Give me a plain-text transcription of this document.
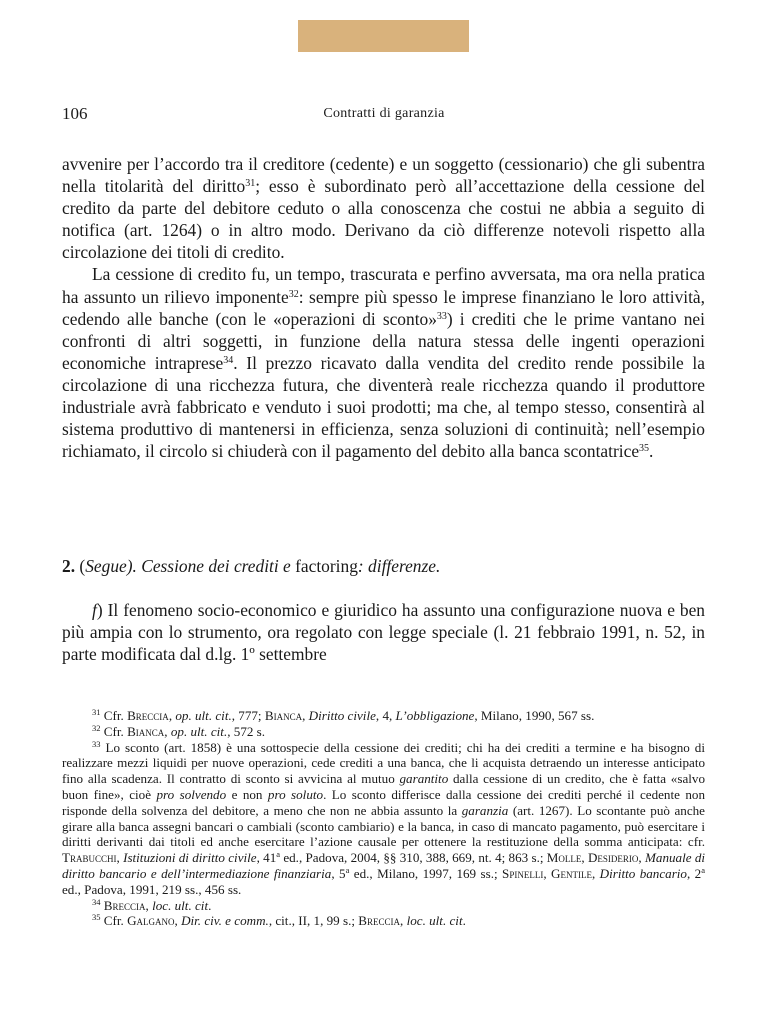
106	Contratti di garanzia

avvenire per l’accordo tra il creditore (cedente) e un soggetto (cessionario) che gli subentra nella titolarità del diritto$^{31}$; esso è subordinato però all’accettazione della cessione del credito da parte del debitore ceduto o alla conoscenza che costui ne abbia a seguito di notifica (art. 1264) o in altro modo. Derivano da ciò differenze notevoli rispetto alla circolazione dei titoli di credito.

La cessione di credito fu, un tempo, trascurata e perfino avversata, ma ora nella pratica ha assunto un rilievo imponente$^{32}$: sempre più spesso le imprese finanziano le loro attività, cedendo alle banche (con le «operazioni di sconto»$^{33}$) i crediti che le prime vantano nei confronti di altri soggetti, in funzione della natura stessa delle ingenti operazioni economiche intraprese$^{34}$. Il prezzo ricavato dalla vendita del credito rende possibile la circolazione di una ricchezza futura, che diventerà reale ricchezza quando il produttore industriale avrà fabbricato e venduto i suoi prodotti; ma che, al tempo stesso, consentirà al sistema produttivo di mantenersi in efficienza, senza soluzioni di continuità; nell’esempio richiamato, il circolo si chiuderà con il pagamento del debito alla banca scontatrice$^{35}$.

2. (Segue). Cessione dei crediti e factoring: differenze.

f) Il fenomeno socio-economico e giuridico ha assunto una configurazione nuova e ben più ampia con lo strumento, ora regolato con legge speciale (l. 21 febbraio 1991, n. 52, in parte modificata dal d.lg. 1º settembre

$^{31}$ Cfr. Breccia, op. ult. cit., 777; Bianca, Diritto civile, 4, L’obbligazione, Milano, 1990, 567 ss.

$^{32}$ Cfr. Bianca, op. ult. cit., 572 s.

$^{33}$ Lo sconto (art. 1858) è una sottospecie della cessione dei crediti; chi ha dei crediti a termine e ha bisogno di realizzare mezzi liquidi per nuove operazioni, cede crediti a una banca, che li acquista detraendo un interesse anticipato fino alla scadenza. Il contratto di sconto si avvicina al mutuo garantito dalla cessione di un credito, che è fatta «salvo buon fine», cioè pro solvendo e non pro soluto. Lo sconto differisce dalla cessione dei crediti perché il cedente non risponde della solvenza del debitore, a meno che non ne abbia assunto la garanzia (art. 1267). Lo scontante può anche girare alla banca assegni bancari o cambiali (sconto cambiario) e la banca, in caso di mancato pagamento, può esercitare i diritti derivanti dai titoli ed anche esercitare l’azione causale per ottenere la restituzione della somma anticipata: cfr. Trabucchi, Istituzioni di diritto civile, 41$^a$ ed., Padova, 2004, §§ 310, 388, 669, nt. 4; 863 s.; Molle, Desiderio, Manuale di diritto bancario e dell’intermediazione finanziaria, 5$^a$ ed., Milano, 1997, 169 ss.; Spinelli, Gentile, Diritto bancario, 2$^a$ ed., Padova, 1991, 219 ss., 456 ss.

$^{34}$ Breccia, loc. ult. cit.

$^{35}$ Cfr. Galgano, Dir. civ. e comm., cit., II, 1, 99 s.; Breccia, loc. ult. cit.
